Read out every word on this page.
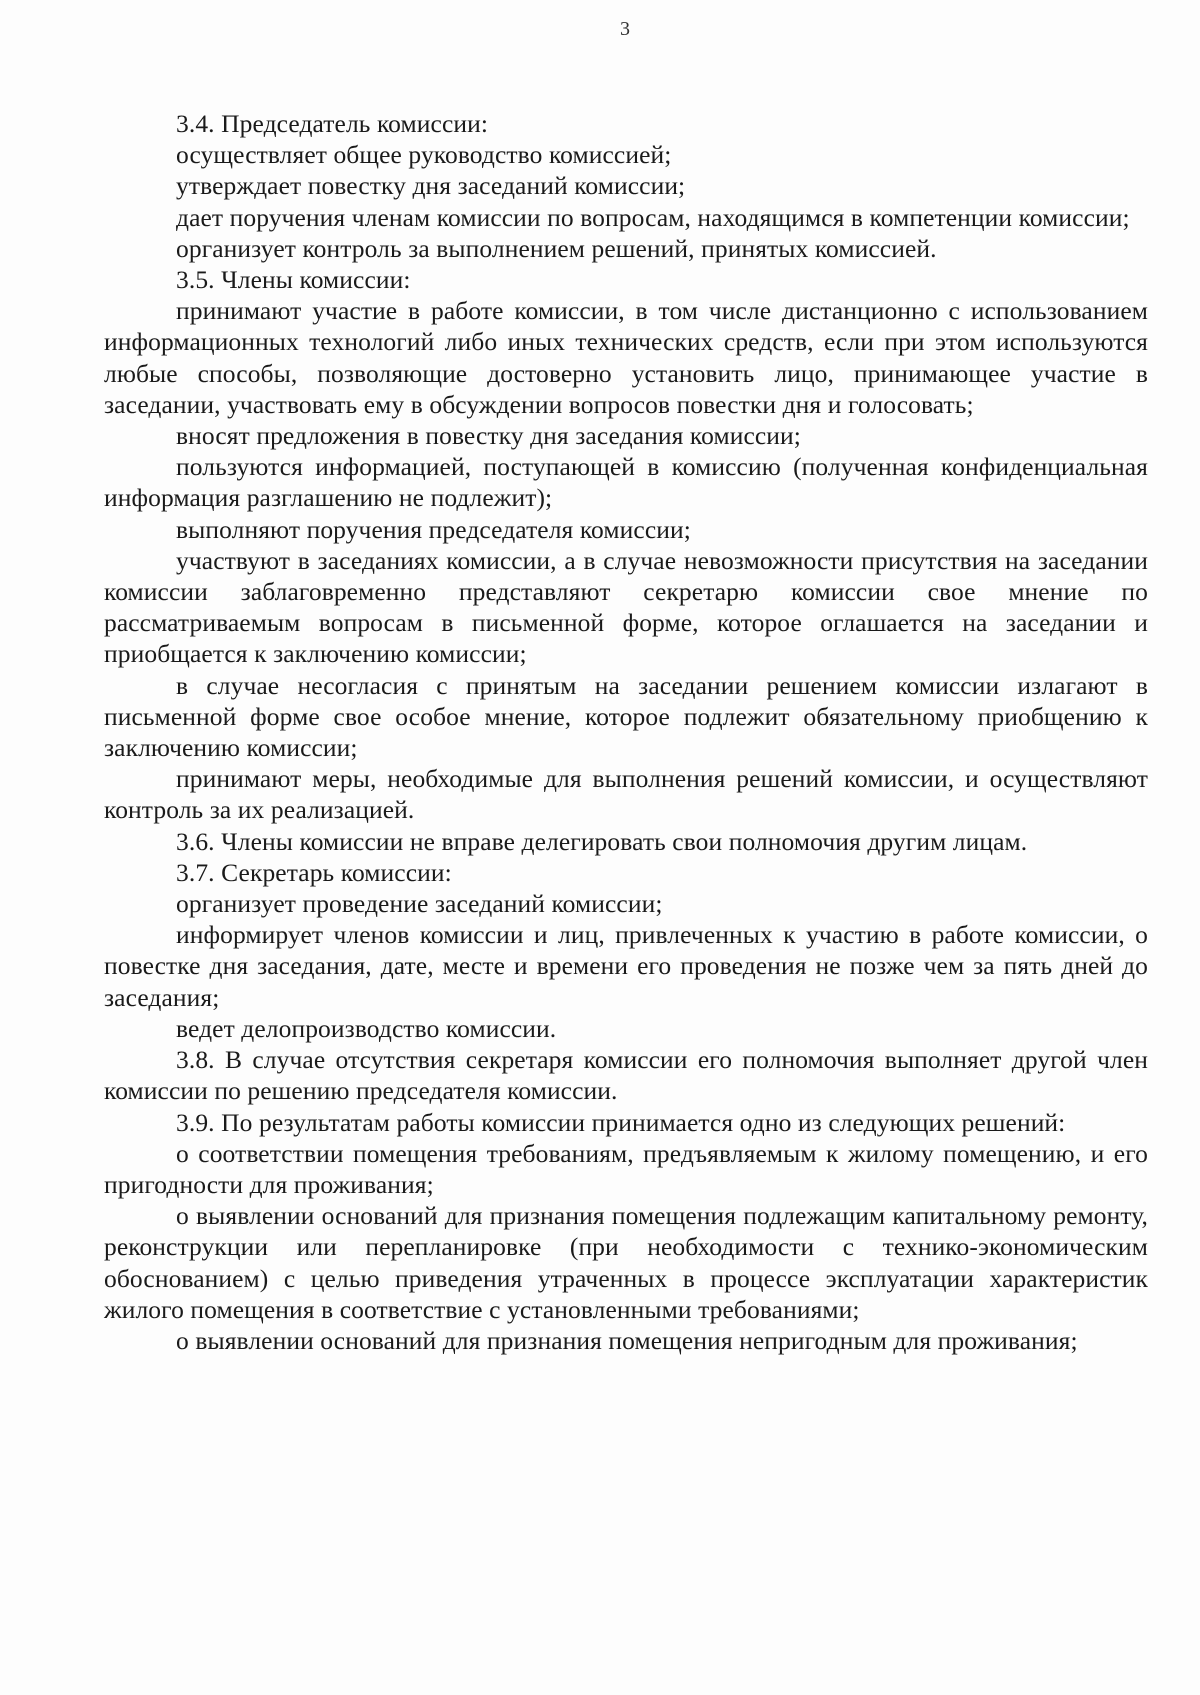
3

3.4. Председатель комиссии:

осуществляет общее руководство комиссией;

утверждает повестку дня заседаний комиссии;

дает поручения членам комиссии по вопросам, находящимся в компетенции комиссии;

организует контроль за выполнением решений, принятых комиссией.

3.5. Члены комиссии:

принимают участие в работе комиссии, в том числе дистанционно с использованием информационных технологий либо иных технических средств, если при этом используются любые способы, позволяющие достоверно установить лицо, принимающее участие в заседании, участвовать ему в обсуждении вопросов повестки дня и голосовать;

вносят предложения в повестку дня заседания комиссии;

пользуются информацией, поступающей в комиссию (полученная конфиденциальная информация разглашению не подлежит);

выполняют поручения председателя комиссии;

участвуют в заседаниях комиссии, а в случае невозможности присутствия на заседании комиссии заблаговременно представляют секретарю комиссии свое мнение по рассматриваемым вопросам в письменной форме, которое оглашается на заседании и приобщается к заключению комиссии;

в случае несогласия с принятым на заседании решением комиссии излагают в письменной форме свое особое мнение, которое подлежит обязательному приобщению к заключению комиссии;

принимают меры, необходимые для выполнения решений комиссии, и осуществляют контроль за их реализацией.

3.6. Члены комиссии не вправе делегировать свои полномочия другим лицам.

3.7. Секретарь комиссии:

организует проведение заседаний комиссии;

информирует членов комиссии и лиц, привлеченных к участию в работе комиссии, о повестке дня заседания, дате, месте и времени его проведения не позже чем за пять дней до заседания;

ведет делопроизводство комиссии.

3.8. В случае отсутствия секретаря комиссии его полномочия выполняет другой член комиссии по решению председателя комиссии.

3.9. По результатам работы комиссии принимается одно из следующих решений:

о соответствии помещения требованиям, предъявляемым к жилому помещению, и его пригодности для проживания;

о выявлении оснований для признания помещения подлежащим капитальному ремонту, реконструкции или перепланировке (при необходимости с технико-экономическим обоснованием) с целью приведения утраченных в процессе эксплуатации характеристик жилого помещения в соответствие с установленными требованиями;

о выявлении оснований для признания помещения непригодным для проживания;
